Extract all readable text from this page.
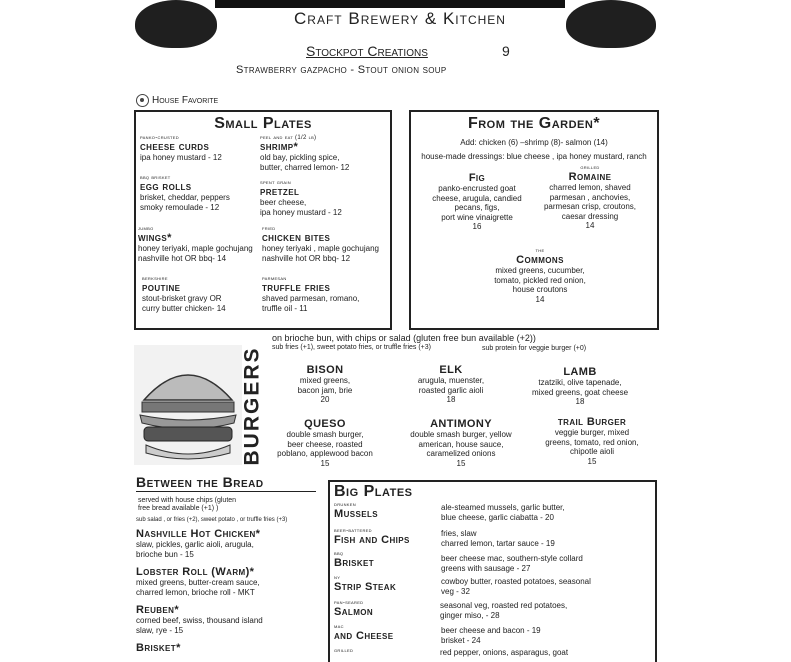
Craft Brewery & Kitchen
Stockpot Creations	9
Strawberry gazpacho - Stout onion soup
House Favorite
Small Plates
panko-crusted
cheese curds
ipa honey mustard - 12
peel and eat (1/2 lb)
shrimp*
old bay, pickling spice,
butter, charred lemon- 12
bbq brisket
egg rolls
brisket, cheddar, peppers
smoky remoulade - 12
spent grain
pretzel
beer cheese,
ipa honey mustard - 12
jumbo
wings*
honey teriyaki, maple gochujang
nashville hot OR bbq- 14
fried
chicken bites
honey teriyaki , maple gochujang
nashville hot OR bbq- 12
berkshire
poutine
stout-brisket gravy OR
curry butter chicken- 14
parmesan
truffle fries
shaved parmesan, romano,
truffle oil - 11
From the Garden*
Add: chicken (6) –shrimp (8)- salmon (14)
house-made dressings: blue cheese , ipa honey mustard, ranch
Fig
panko-encrusted goat
cheese, arugula, candied
pecans, figs,
port wine vinaigrette
16
grilled
Romaine
charred lemon, shaved
parmesan , anchovies,
parmesan crisp, croutons,
caesar dressing
14
the
Commons
mixed greens, cucumber,
tomato, pickled red onion,
house croutons
14
BURGERS
on brioche bun, with chips or salad (gluten free bun available (+2))
sub fries (+1), sweet potato fries, or truffle fries (+3)	sub protein for veggie burger (+0)
BISON
mixed greens,
bacon jam, brie
20
ELK
arugula, muenster,
roasted garlic aioli
18
LAMB
tzatziki, olive tapenade,
mixed greens, goat cheese
18
QUESO
double smash burger,
beer cheese, roasted
poblano, applewood bacon
15
ANTIMONY
double smash burger, yellow
american, house sauce,
caramelized onions
15
trail Burger
veggie burger, mixed
greens, tomato, red onion,
chipotle aioli
15
Between the Bread
served with house chips (gluten
free bread available (+1) )
sub salad , or fries (+2), sweet potato , or truffle fries (+3)
Nashville Hot Chicken*
slaw, pickles, garlic aioli, arugula,
brioche bun - 15
Lobster Roll (Warm)*
mixed greens, butter-cream sauce,
charred lemon, brioche roll - MKT
Reuben*
corned beef, swiss, thousand island
slaw, rye - 15
Brisket*
Big Plates
drunken
Mussels
ale-steamed mussels, garlic butter,
blue cheese, garlic ciabatta - 20
beer-battered
Fish and Chips
fries, slaw
charred lemon, tartar sauce - 19
bbq
Brisket	beer cheese mac, southern-style collard
greens with sausage - 27
ny
Strip Steak	cowboy butter, roasted potatoes, seasonal
veg - 32
pan-seared
Salmon
seasonal veg, roasted red potatoes,
ginger miso, - 28
mac
and Cheese	beer cheese and bacon - 19
brisket - 24
grilled	red pepper, onions, asparagus, goat
